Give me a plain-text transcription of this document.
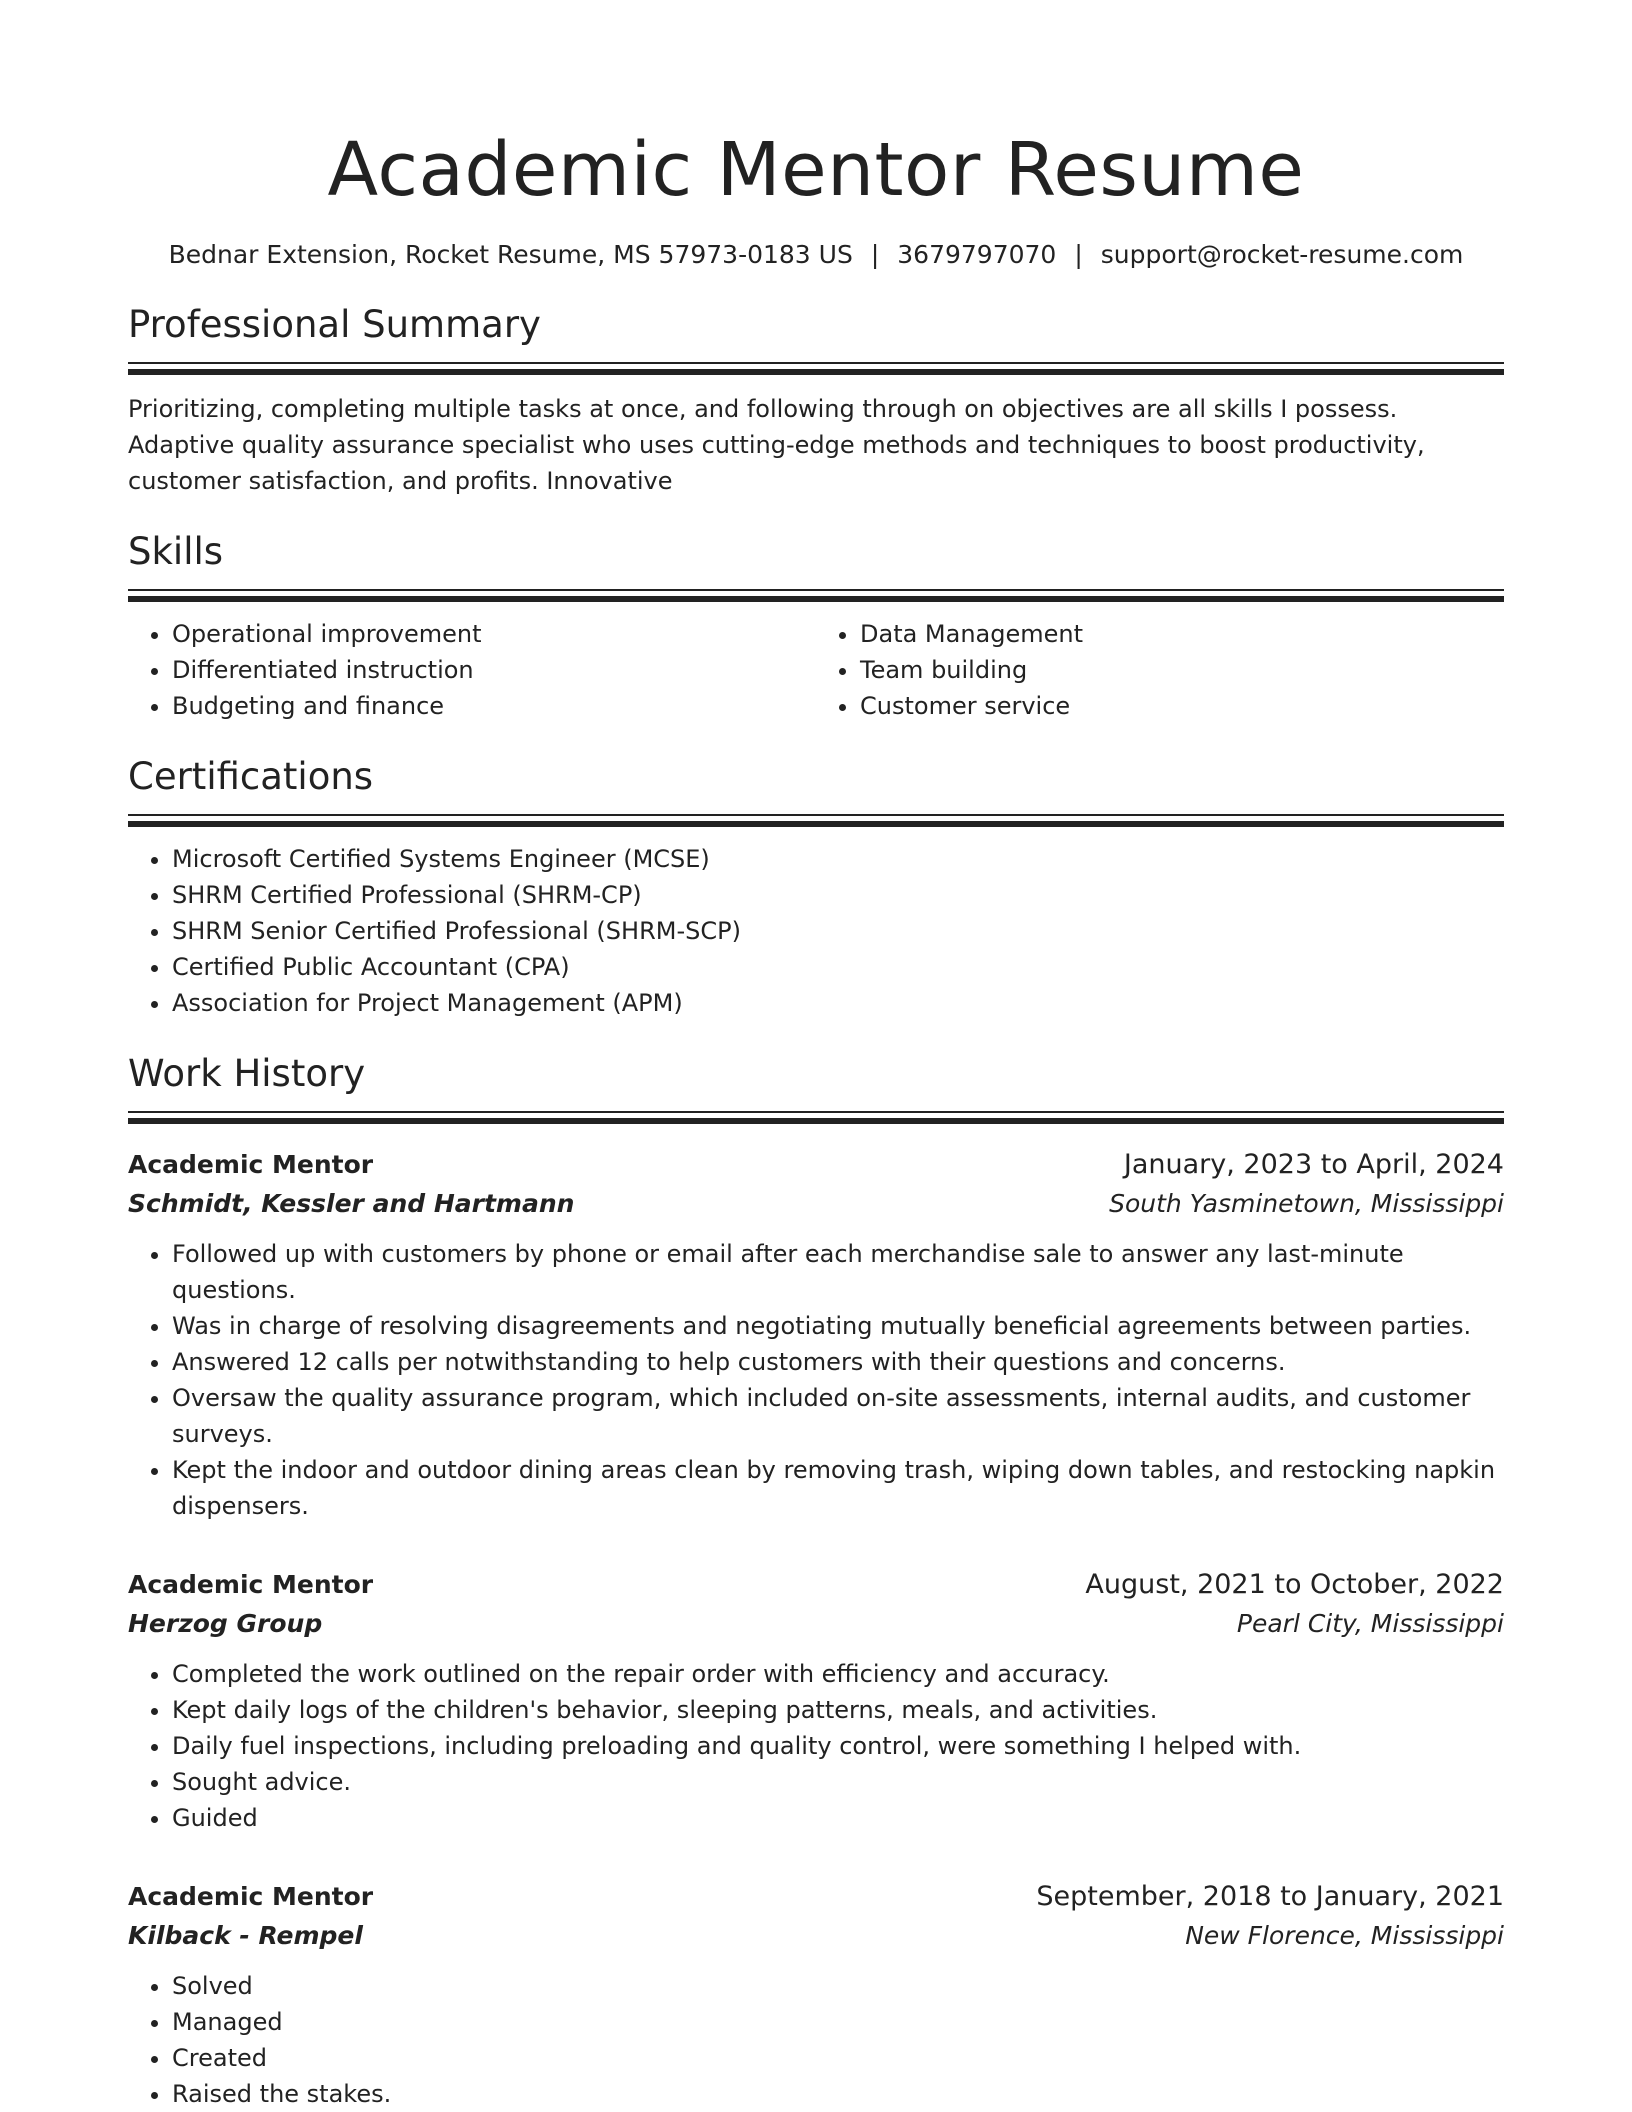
Academic Mentor Resume
Bednar Extension, Rocket Resume, MS 57973-0183 US | 3679797070 | support@rocket-resume.com
Professional Summary

Prioritizing, completing multiple tasks at once, and following through on objectives are all skills I possess. Adaptive quality assurance specialist who uses cutting-edge methods and techniques to boost productivity, customer satisfaction, and profits. Innovative

Skills
• Operational improvement
• Differentiated instruction
• Budgeting and finance
• Data Management
• Team building
• Customer service
Certifications
• Microsoft Certified Systems Engineer (MCSE)
• SHRM Certified Professional (SHRM-CP)
• SHRM Senior Certified Professional (SHRM-SCP)
• Certified Public Accountant (CPA)
• Association for Project Management (APM)
Work History
Academic Mentor	January, 2023 to April, 2024
Schmidt, Kessler and Hartmann	South Yasminetown, Mississippi
• Followed up with customers by phone or email after each merchandise sale to answer any last-minute questions.
• Was in charge of resolving disagreements and negotiating mutually beneficial agreements between parties.
• Answered 12 calls per notwithstanding to help customers with their questions and concerns.
• Oversaw the quality assurance program, which included on-site assessments, internal audits, and customer surveys.
• Kept the indoor and outdoor dining areas clean by removing trash, wiping down tables, and restocking napkin dispensers.
Academic Mentor	August, 2021 to October, 2022
Herzog Group	Pearl City, Mississippi
• Completed the work outlined on the repair order with efficiency and accuracy.
• Kept daily logs of the children's behavior, sleeping patterns, meals, and activities.
• Daily fuel inspections, including preloading and quality control, were something I helped with.
• Sought advice.
• Guided
Academic Mentor	September, 2018 to January, 2021
Kilback - Rempel	New Florence, Mississippi
• Solved
• Managed
• Created
• Raised the stakes.
